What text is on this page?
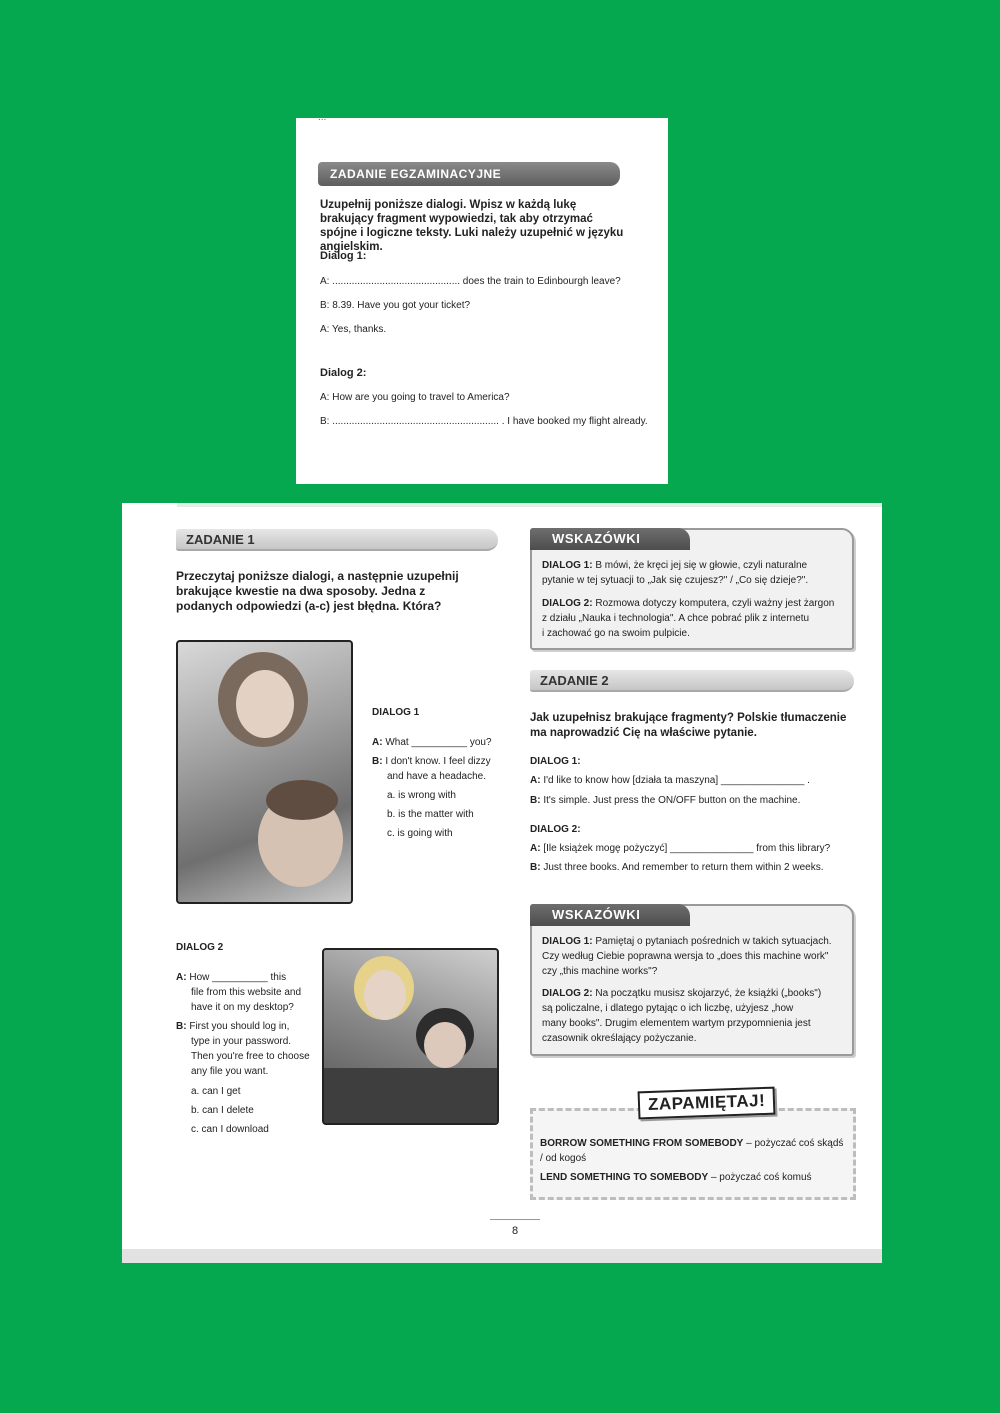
...
ZADANIE EGZAMINACYJNE
Uzupełnij poniższe dialogi. Wpisz w każdą lukę brakujący fragment wypowiedzi, tak aby otrzymać spójne i logiczne teksty. Luki należy uzupełnić w języku angielskim.
Dialog 1:
A: .............................................. does the train to Edinbourgh leave?
B: 8.39. Have you got your ticket?
A: Yes, thanks.
Dialog 2:
A: How are you going to travel to America?
B: ............................................................ . I have booked my flight already.
ZADANIE 1
Przeczytaj poniższe dialogi, a następnie uzupełnij brakujące kwestie na dwa sposoby. Jedna z podanych odpowiedzi (a-c) jest błędna. Która?
DIALOG 1
A: What __________ you?
B: I don't know. I feel dizzy
and have a headache.
a. is wrong with
b. is the matter with
c. is going with
DIALOG 2
A: How __________ this
file from this website and
have it on my desktop?
B: First you should log in,
type in your password.
Then you're free to choose
any file you want.
a. can I get
b. can I delete
c. can I download
WSKAZÓWKI
DIALOG 1: B mówi, że kręci jej się w głowie, czyli naturalne
pytanie w tej sytuacji to „Jak się czujesz?" / „Co się dzieje?".
DIALOG 2: Rozmowa dotyczy komputera, czyli ważny jest żargon
z działu „Nauka i technologia". A chce pobrać plik z internetu
i zachować go na swoim pulpicie.
ZADANIE 2
Jak uzupełnisz brakujące fragmenty? Polskie tłumaczenie ma naprowadzić Cię na właściwe pytanie.
DIALOG 1:
A: I'd like to know how [działa ta maszyna] _______________ .
B: It's simple. Just press the ON/OFF button on the machine.
DIALOG 2:
A: [Ile książek mogę pożyczyć] _______________ from this library?
B: Just three books. And remember to return them within 2 weeks.
WSKAZÓWKI
DIALOG 1: Pamiętaj o pytaniach pośrednich w takich sytuacjach.
Czy według Ciebie poprawna wersja to „does this machine work"
czy „this machine works"?
DIALOG 2: Na początku musisz skojarzyć, że książki („books")
są policzalne, i dlatego pytając o ich liczbę, użyjesz „how
many books". Drugim elementem wartym przypomnienia jest
czasownik określający pożyczanie.
ZAPAMIĘTAJ!
BORROW SOMETHING FROM SOMEBODY – pożyczać coś skądś
/ od kogoś
LEND SOMETHING TO SOMEBODY – pożyczać coś komuś
8
